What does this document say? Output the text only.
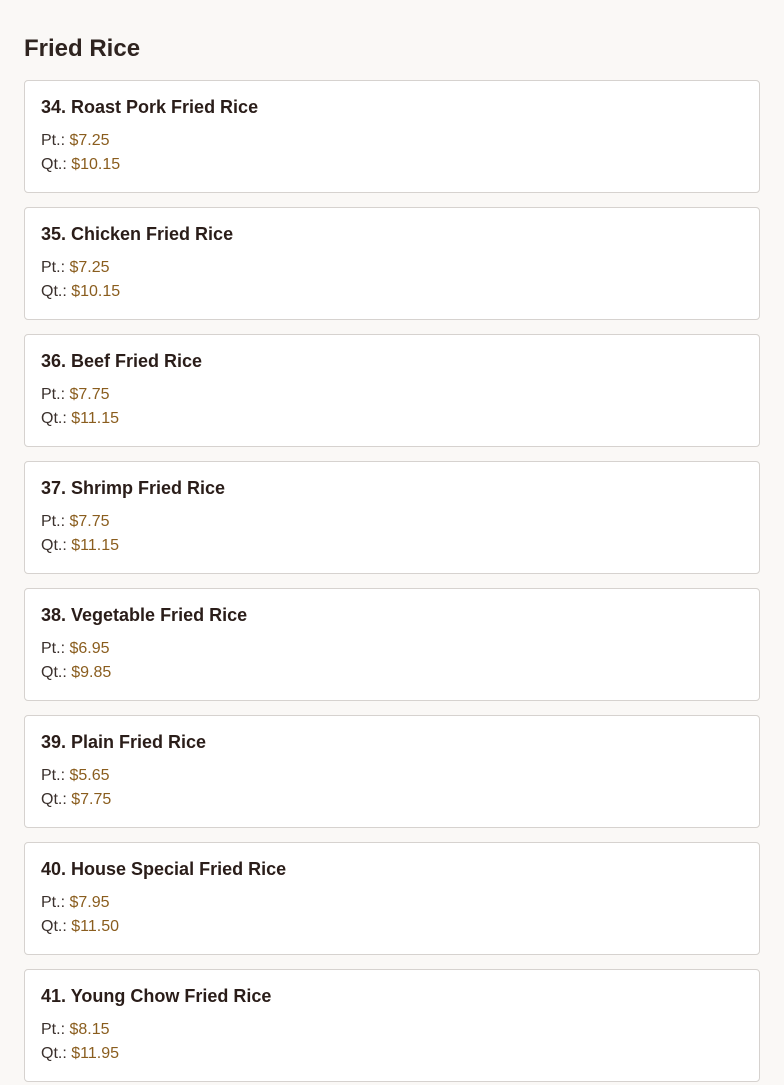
Fried Rice
34. Roast Pork Fried Rice
Pt.: $7.25
Qt.: $10.15
35. Chicken Fried Rice
Pt.: $7.25
Qt.: $10.15
36. Beef Fried Rice
Pt.: $7.75
Qt.: $11.15
37. Shrimp Fried Rice
Pt.: $7.75
Qt.: $11.15
38. Vegetable Fried Rice
Pt.: $6.95
Qt.: $9.85
39. Plain Fried Rice
Pt.: $5.65
Qt.: $7.75
40. House Special Fried Rice
Pt.: $7.95
Qt.: $11.50
41. Young Chow Fried Rice
Pt.: $8.15
Qt.: $11.95
